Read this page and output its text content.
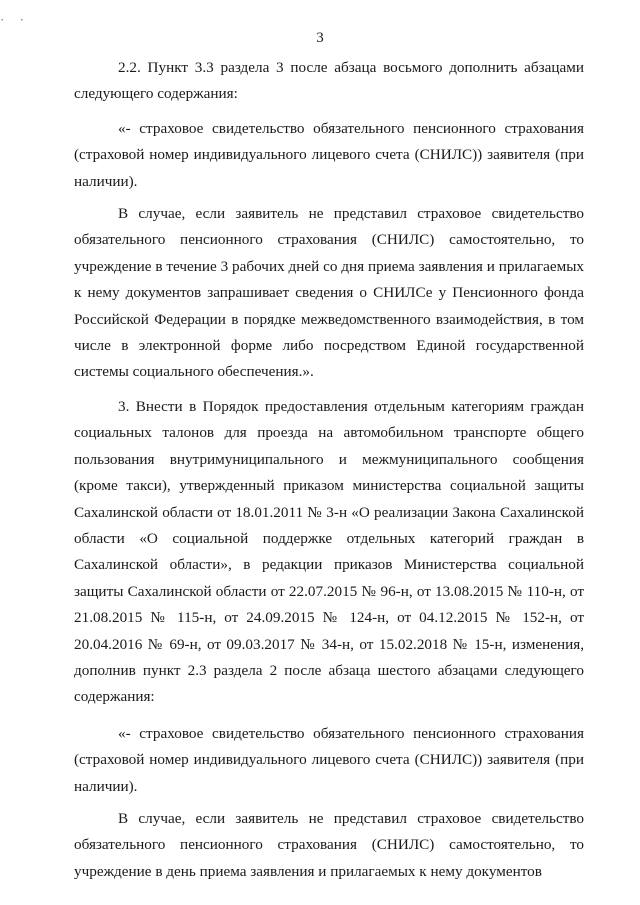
· ·
3

2.2. Пункт 3.3 раздела 3 после абзаца восьмого дополнить абзацами следующего содержания:

«- страховое свидетельство обязательного пенсионного страхования (страховой номер индивидуального лицевого счета (СНИЛС)) заявителя (при наличии).

В случае, если заявитель не представил страховое свидетельство обязательного пенсионного страхования (СНИЛС) самостоятельно, то учреждение в течение 3 рабочих дней со дня приема заявления и прилагаемых к нему документов запрашивает сведения о СНИЛСе у Пенсионного фонда Российской Федерации в порядке межведомственного взаимодействия, в том числе в электронной форме либо посредством Единой государственной системы социального обеспечения.».

3. Внести в Порядок предоставления отдельным категориям граждан социальных талонов для проезда на автомобильном транспорте общего пользования внутримуниципального и межмуниципального сообщения (кроме такси), утвержденный приказом министерства социальной защиты Сахалинской области от 18.01.2011 № 3-н «О реализации Закона Сахалинской области «О социальной поддержке отдельных категорий граждан в Сахалинской области», в редакции приказов Министерства социальной защиты Сахалинской области от 22.07.2015 № 96-н, от 13.08.2015 № 110-н, от 21.08.2015 № 115-н, от 24.09.2015 № 124-н, от 04.12.2015 № 152-н, от 20.04.2016 № 69-н, от 09.03.2017 № 34-н, от 15.02.2018 № 15-н, изменения, дополнив пункт 2.3 раздела 2 после абзаца шестого абзацами следующего содержания:

«- страховое свидетельство обязательного пенсионного страхования (страховой номер индивидуального лицевого счета (СНИЛС)) заявителя (при наличии).

В случае, если заявитель не представил страховое свидетельство обязательного пенсионного страхования (СНИЛС) самостоятельно, то учреждение в день приема заявления и прилагаемых к нему документов
